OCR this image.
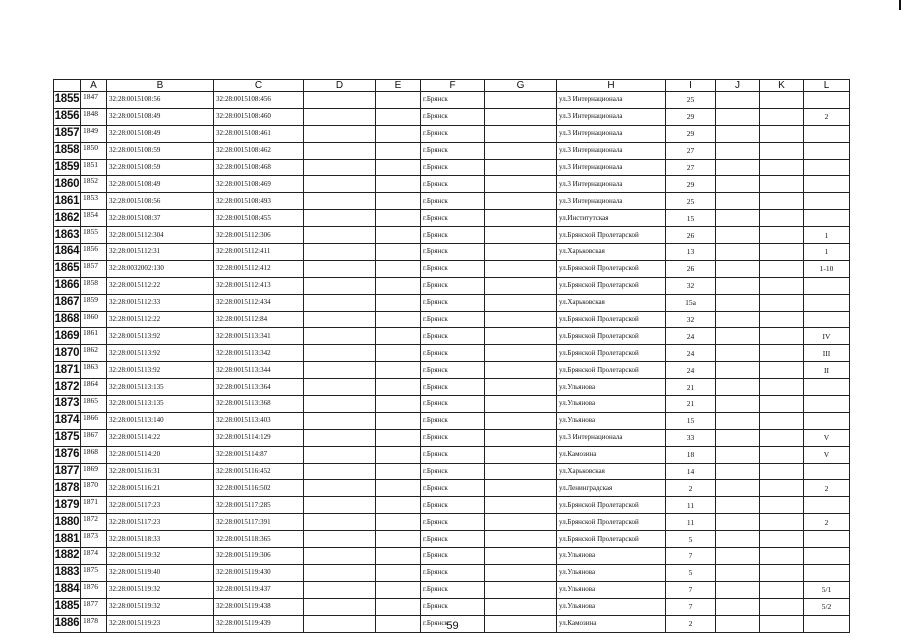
	A	B	C	D	E	F	G	H	I	J	K	L
1855	1847	32:28:0015108:56	32:28:0015108:456			г.Брянск		ул.3 Интернационала	25			
1856	1848	32:28:0015108:49	32:28:0015108:460			г.Брянск		ул.3 Интернационала	29			2
1857	1849	32:28:0015108:49	32:28:0015108:461			г.Брянск		ул.3 Интернационала	29			
1858	1850	32:28:0015108:59	32:28:0015108:462			г.Брянск		ул.3 Интернационала	27			
1859	1851	32:28:0015108:59	32:28:0015108:468			г.Брянск		ул.3 Интернационала	27			
1860	1852	32:28:0015108:49	32:28:0015108:469			г.Брянск		ул.3 Интернационала	29			
1861	1853	32:28:0015108:56	32:28:0015108:493			г.Брянск		ул.3 Интернационала	25			
1862	1854	32:28:0015108:37	32:28:0015108:455			г.Брянск		ул.Институтская	15			
1863	1855	32:28:0015112:304	32:28:0015112:306			г.Брянск		ул.Брянской Пролетарской	26			1
1864	1856	32:28:0015112:31	32:28:0015112:411			г.Брянск		ул.Харьковская	13			1
1865	1857	32:28:0032002:130	32:28:0015112:412			г.Брянск		ул.Брянской Пролетарской	26			1-10
1866	1858	32:28:0015112:22	32:28:0015112:413			г.Брянск		ул.Брянской Пролетарской	32			
1867	1859	32:28:0015112:33	32:28:0015112:434			г.Брянск		ул.Харьковская	15а			
1868	1860	32:28:0015112:22	32:28:0015112:84			г.Брянск		ул.Брянской Пролетарской	32			
1869	1861	32:28:0015113:92	32:28:0015113:341			г.Брянск		ул.Брянской Пролетарской	24			IV
1870	1862	32:28:0015113:92	32:28:0015113:342			г.Брянск		ул.Брянской Пролетарской	24			III
1871	1863	32:28:0015113:92	32:28:0015113:344			г.Брянск		ул.Брянской Пролетарской	24			II
1872	1864	32:28:0015113:135	32:28:0015113:364			г.Брянск		ул.Ульянова	21			
1873	1865	32:28:0015113:135	32:28:0015113:368			г.Брянск		ул.Ульянова	21			
1874	1866	32:28:0015113:140	32:28:0015113:403			г.Брянск		ул.Ульянова	15			
1875	1867	32:28:0015114:22	32:28:0015114:129			г.Брянск		ул.3 Интернационала	33			V
1876	1868	32:28:0015114:20	32:28:0015114:87			г.Брянск		ул.Камозина	18			V
1877	1869	32:28:0015116:31	32:28:0015116:452			г.Брянск		ул.Харьковская	14			
1878	1870	32:28:0015116:21	32:28:0015116:502			г.Брянск		ул.Ленинградская	2			2
1879	1871	32:28:0015117:23	32:28:0015117:285			г.Брянск		ул.Брянской Пролетарской	11			
1880	1872	32:28:0015117:23	32:28:0015117:391			г.Брянск		ул.Брянской Пролетарской	11			2
1881	1873	32:28:0015118:33	32:28:0015118:365			г.Брянск		ул.Брянской Пролетарской	5			
1882	1874	32:28:0015119:32	32:28:0015119:306			г.Брянск		ул.Ульянова	7			
1883	1875	32:28:0015119:40	32:28:0015119:430			г.Брянск		ул.Ульянова	5			
1884	1876	32:28:0015119:32	32:28:0015119:437			г.Брянск		ул.Ульянова	7			5/1
1885	1877	32:28:0015119:32	32:28:0015119:438			г.Брянск		ул.Ульянова	7			5/2
1886	1878	32:28:0015119:23	32:28:0015119:439			г.Брянск		ул.Камозина	2			
59
